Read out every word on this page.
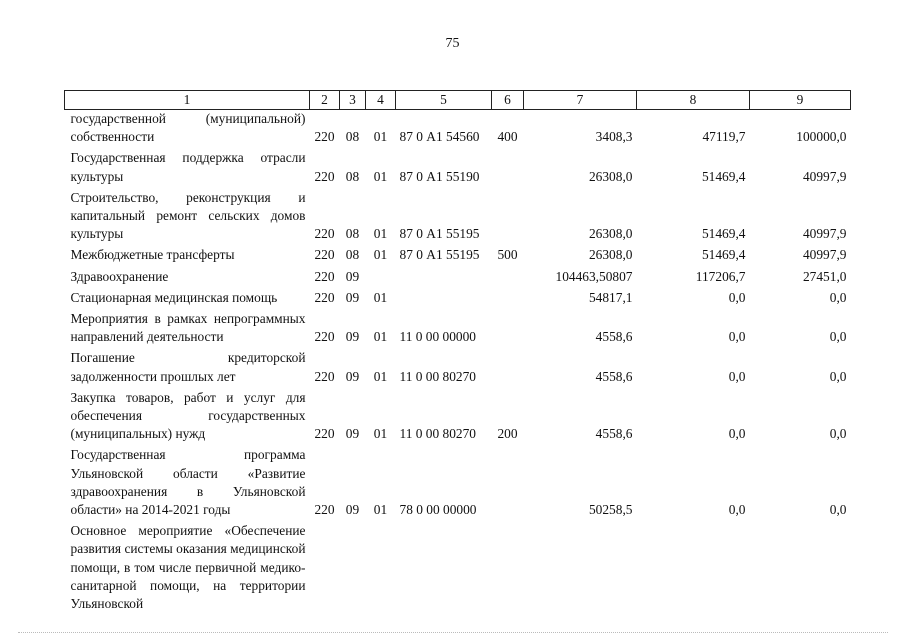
75
1	2	3	4	5	6	7	8	9
государственной (муниципальной) собственности	220	08	01	87 0 А1 54560	400	3408,3	47119,7	100000,0
Государственная поддержка отрасли культуры	220	08	01	87 0 А1 55190		26308,0	51469,4	40997,9
Строительство, реконструкция и капитальный ремонт сельских домов культуры	220	08	01	87 0 А1 55195		26308,0	51469,4	40997,9
Межбюджетные трансферты	220	08	01	87 0 А1 55195	500	26308,0	51469,4	40997,9
Здравоохранение	220	09				104463,50807	117206,7	27451,0
Стационарная медицинская помощь	220	09	01			54817,1	0,0	0,0
Мероприятия в рамках непрограммных направлений деятельности	220	09	01	11 0 00 00000		4558,6	0,0	0,0
Погашение кредиторской задолженности прошлых лет	220	09	01	11 0 00 80270		4558,6	0,0	0,0
Закупка товаров, работ и услуг для обеспечения государственных (муниципальных) нужд	220	09	01	11 0 00 80270	200	4558,6	0,0	0,0
Государственная программа Ульяновской области «Развитие здравоохранения в Ульяновской области» на 2014-2021 годы	220	09	01	78 0 00 00000		50258,5	0,0	0,0
Основное мероприятие «Обеспечение развития системы оказания медицинской помощи, в том числе первичной медико-санитарной помощи, на территории Ульяновской								
